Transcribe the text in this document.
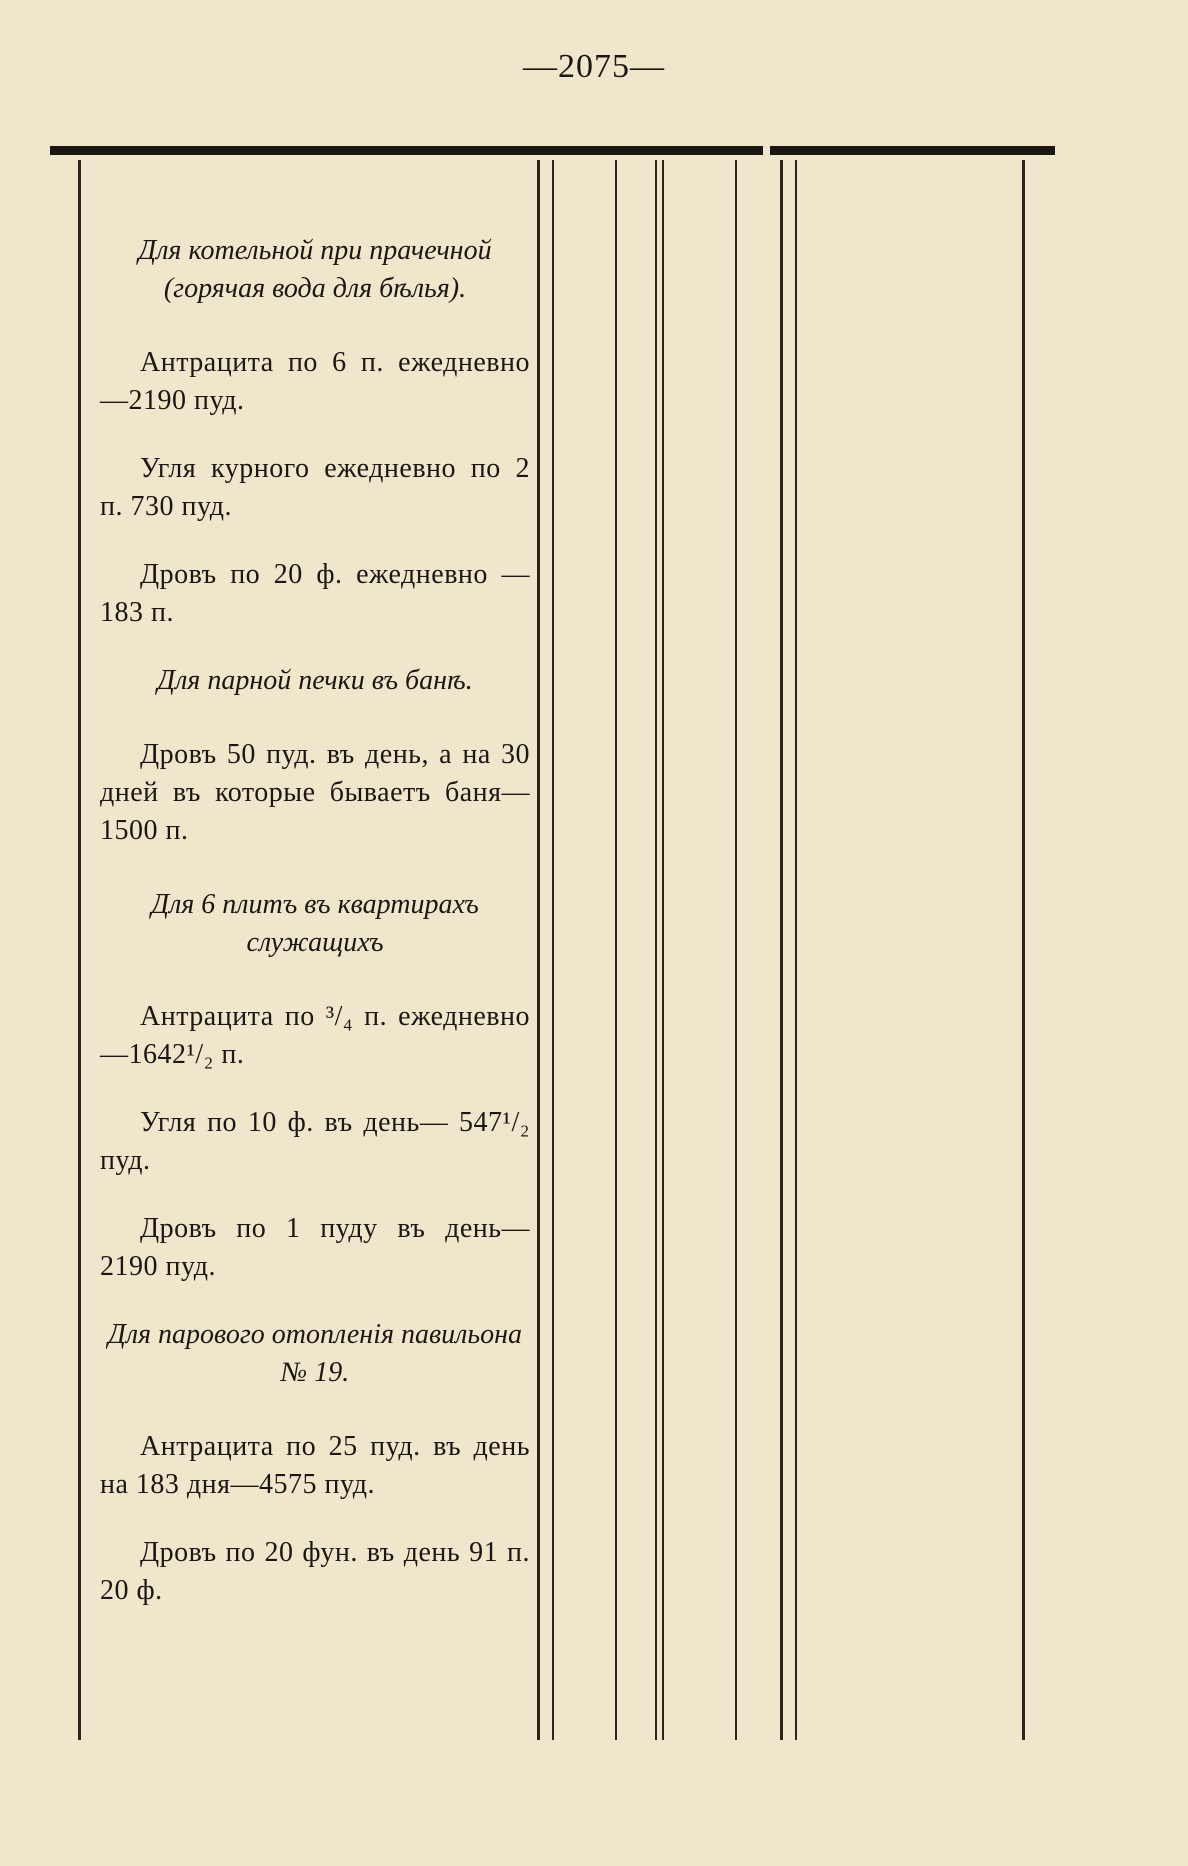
—2075—

Для котельной при прачечной (горячая вода для бѣлья).

Антрацита по 6 п. ежедневно—2190 пуд.

Угля курного ежедневно по 2 п. 730 пуд.

Дровъ по 20 ф. ежедневно —183 п.

Для парной печки въ банѣ.

Дровъ 50 пуд. въ день, а на 30 дней въ которые бываетъ баня—1500 п.

Для 6 плитъ въ квартирахъ служащихъ

Антрацита по ³/₄ п. ежедневно—1642¹/₂ п.

Угля по 10 ф. въ день— 547¹/₂ пуд.

Дровъ по 1 пуду въ день— 2190 пуд.

Для парового отопленія павильона № 19.

Антрацита по 25 пуд. въ день на 183 дня—4575 пуд.

Дровъ по 20 фун. въ день 91 п. 20 ф.
